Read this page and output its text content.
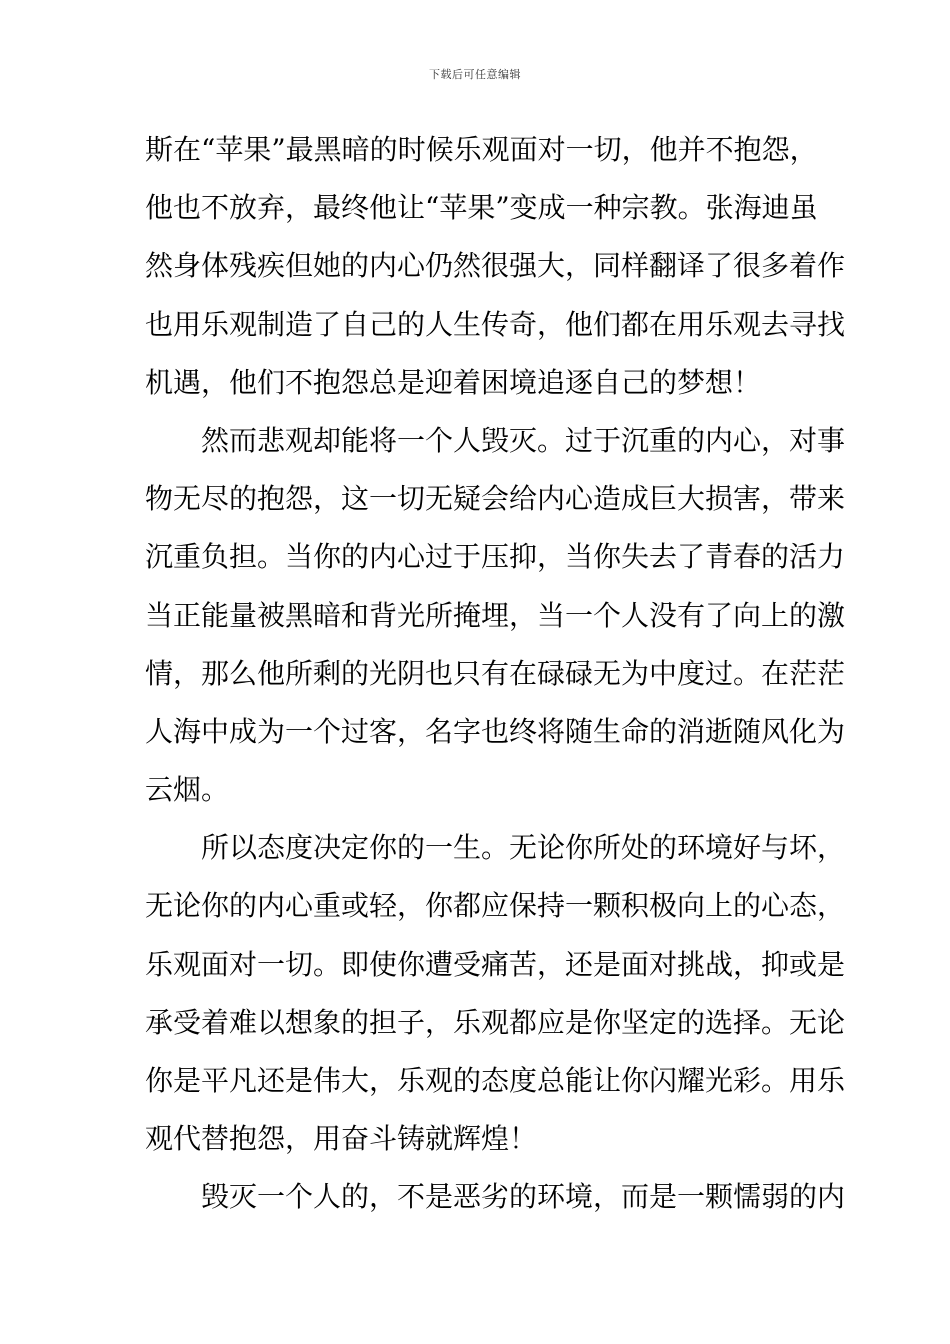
下载后可任意编辑
斯在“苹果”最黑暗的时候乐观面对一切，他并不抱怨，
他也不放弃，最终他让“苹果”变成一种宗教。张海迪虽
然身体残疾但她的内心仍然很强大，同样翻译了很多着作
也用乐观制造了自己的人生传奇，他们都在用乐观去寻找
机遇，他们不抱怨总是迎着困境追逐自己的梦想！
然而悲观却能将一个人毁灭。过于沉重的内心，对事
物无尽的抱怨，这一切无疑会给内心造成巨大损害，带来
沉重负担。当你的内心过于压抑，当你失去了青春的活力
当正能量被黑暗和背光所掩埋，当一个人没有了向上的激
情，那么他所剩的光阴也只有在碌碌无为中度过。在茫茫
人海中成为一个过客，名字也终将随生命的消逝随风化为
云烟。
所以态度决定你的一生。无论你所处的环境好与坏，
无论你的内心重或轻，你都应保持一颗积极向上的心态，
乐观面对一切。即使你遭受痛苦，还是面对挑战，抑或是
承受着难以想象的担子，乐观都应是你坚定的选择。无论
你是平凡还是伟大，乐观的态度总能让你闪耀光彩。用乐
观代替抱怨，用奋斗铸就辉煌！
毁灭一个人的，不是恶劣的环境，而是一颗懦弱的内
